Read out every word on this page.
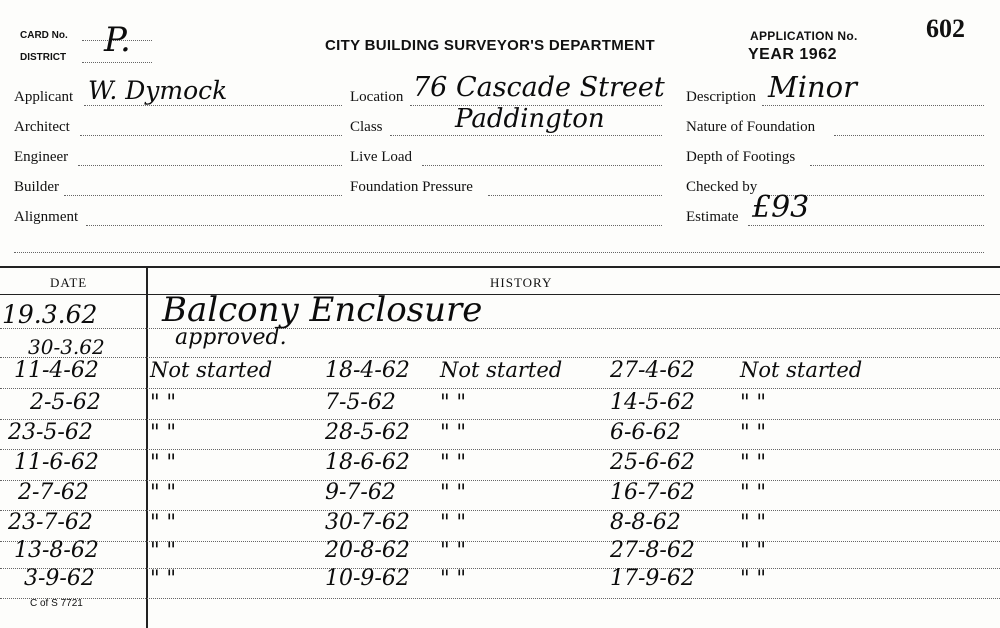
CARD No.
DISTRICT P.	CITY BUILDING SURVEYOR'S DEPARTMENT
APPLICATION No.
YEAR 1962
602
Applicant W. Dymock
Architect
Engineer
Builder
Alignment
Location 76 Cascade Street
Class	Paddington
Live Load
Foundation Pressure
Description Minor
Nature of Foundation
Depth of Footings
Checked by
Estimate £93
DATE	HISTORY
19.3.62 Balcony Enclosure
30-3.62	approved.
11-4-62 Not started 18-4-62 Not started 27-4-62 Not started
2-5-62 " "	7-5-62 " "	14-5-62 " "
23-5-62	" "	28-5-62 " "	6-6-62	" "
11-6-62 " "	18-6-62 " "	25-6-62 " "
2-7-62	" "	9-7-62 " "	16-7-62 " "
23-7-62	" "	30-7-62 " "	8-8-62	" "
13-8-62 " "	20-8-62 " "	27-8-62 " "
3-9-62	" "	10-9-62 " "	17-9-62 " "
C of S 7721
